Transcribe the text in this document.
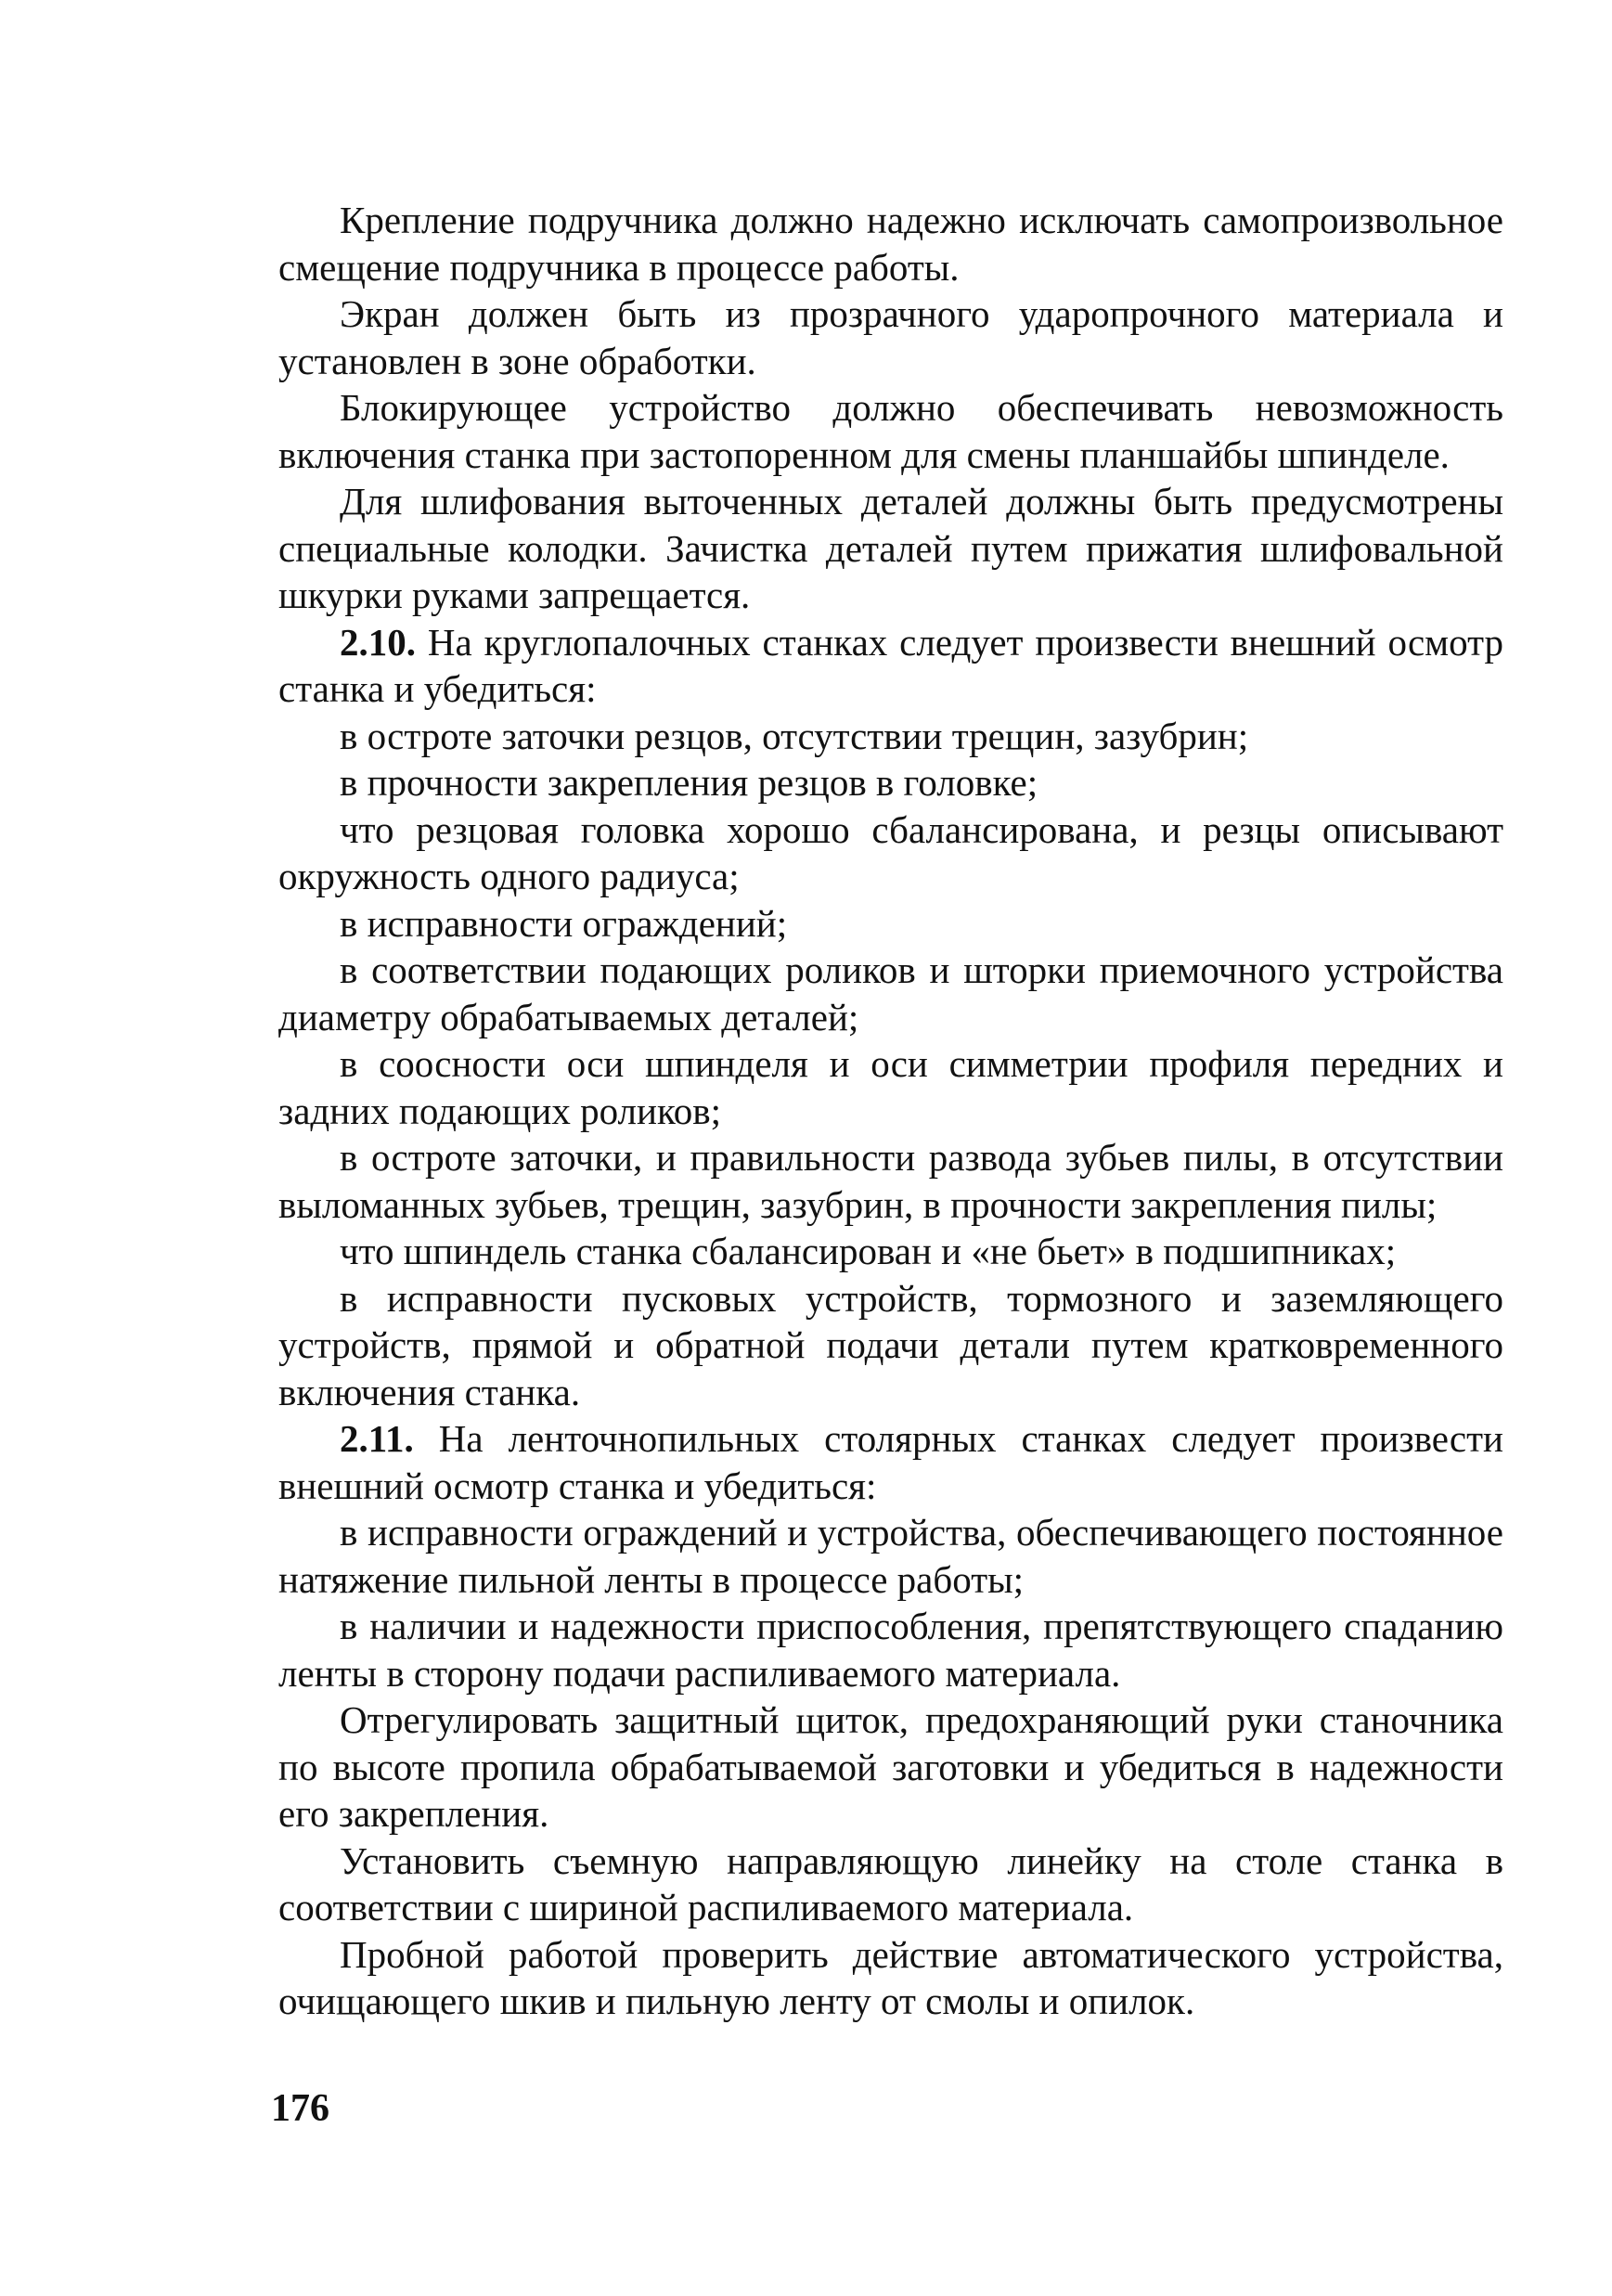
Крепление подручника должно надежно исключать самопроизвольное смещение подручника в процессе работы.

Экран должен быть из прозрачного ударопрочного материала и установлен в зоне обработки.

Блокирующее устройство должно обеспечивать невозможность включения станка при застопоренном для смены планшайбы шпинделе.

Для шлифования выточенных деталей должны быть предусмотрены специальные колодки. Зачистка деталей путем прижатия шлифовальной шкурки руками запрещается.

2.10. На круглопалочных станках следует произвести внешний осмотр станка и убедиться:

в остроте заточки резцов, отсутствии трещин, зазубрин;

в прочности закрепления резцов в головке;

что резцовая головка хорошо сбалансирована, и резцы описывают окружность одного радиуса;

в исправности ограждений;

в соответствии подающих роликов и шторки приемочного устройства диаметру обрабатываемых деталей;

в соосности оси шпинделя и оси симметрии профиля передних и задних подающих роликов;

в остроте заточки, и правильности развода зубьев пилы, в отсутствии выломанных зубьев, трещин, зазубрин, в прочности закрепления пилы;

что шпиндель станка сбалансирован и «не бьет» в подшипниках;

в исправности пусковых устройств, тормозного и заземляющего устройств, прямой и обратной подачи детали путем кратковременного включения станка.

2.11. На ленточнопильных столярных станках следует произвести внешний осмотр станка и убедиться:

в исправности ограждений и устройства, обеспечивающего постоянное натяжение пильной ленты в процессе работы;

в наличии и надежности приспособления, препятствующего спаданию ленты в сторону подачи распиливаемого материала.

Отрегулировать защитный щиток, предохраняющий руки станочника по высоте пропила обрабатываемой заготовки и убедиться в надежности его закрепления.

Установить съемную направляющую линейку на столе станка в соответствии с шириной распиливаемого материала.

Пробной работой проверить действие автоматического устройства, очищающего шкив и пильную ленту от смолы и опилок.

176
